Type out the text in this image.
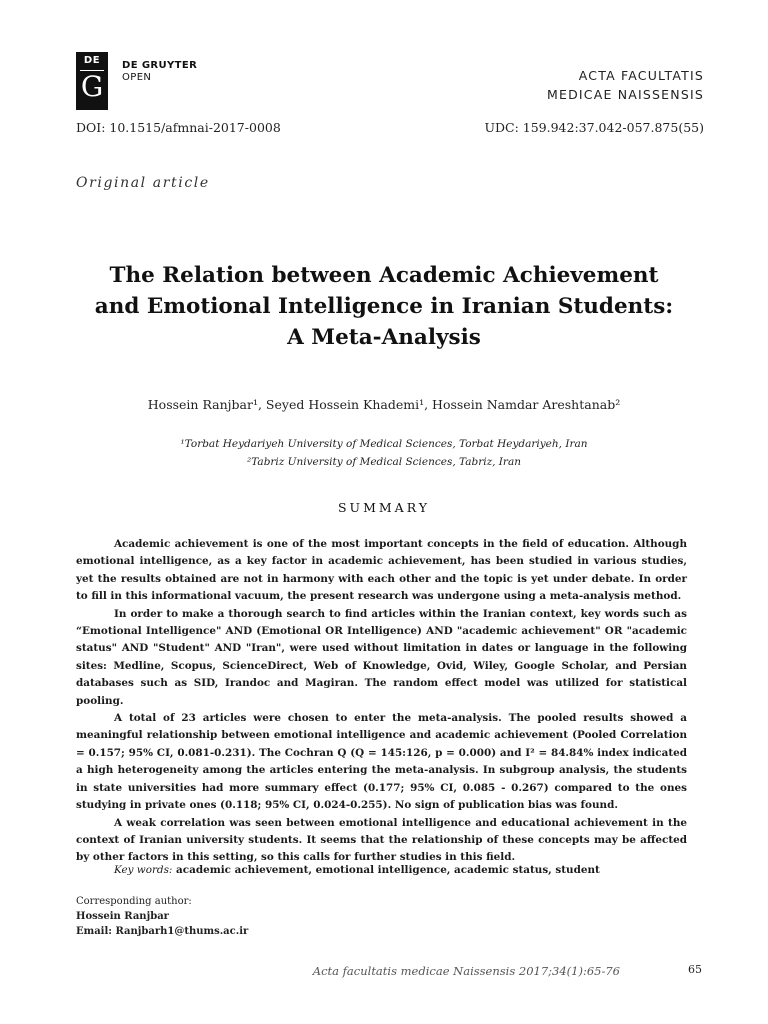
DE
G
DE GRUYTER
OPEN	ACTA FACULTATIS
MEDICAE NAISSENSIS
DOI: 10.1515/afmnai-2017-0008	UDC: 159.942:37.042-057.875(55)
Original article
The Relation between Academic Achievement
and Emotional Intelligence in Iranian Students:
A Meta-Analysis
Hossein Ranjbar¹, Seyed Hossein Khademi¹, Hossein Namdar Areshtanab²
¹Torbat Heydariyeh University of Medical Sciences, Torbat Heydariyeh, Iran
²Tabriz University of Medical Sciences, Tabriz, Iran
SUMMARY

Academic achievement is one of the most important concepts in the field of education. Although emotional intelligence, as a key factor in academic achievement, has been studied in various studies, yet the results obtained are not in harmony with each other and the topic is yet under debate. In order to fill in this informational vacuum, the present research was undergone using a meta-analysis method.

In order to make a thorough search to find articles within the Iranian context, key words such as “Emotional Intelligence" AND (Emotional OR Intelligence) AND "academic achievement" OR "academic status" AND "Student" AND "Iran", were used without limitation in dates or language in the following sites: Medline, Scopus, ScienceDirect, Web of Knowledge, Ovid, Wiley, Google Scholar, and Persian databases such as SID, Irandoc and Magiran. The random effect model was utilized for statistical pooling.

A total of 23 articles were chosen to enter the meta-analysis. The pooled results showed a meaningful relationship between emotional intelligence and academic achievement (Pooled Correlation = 0.157; 95% CI, 0.081-0.231). The Cochran Q (Q = 145:126, p = 0.000) and I² = 84.84% index indicated a high heterogeneity among the articles entering the meta-analysis. In subgroup analysis, the students in state universities had more summary effect (0.177; 95% CI, 0.085 - 0.267) compared to the ones studying in private ones (0.118; 95% CI, 0.024-0.255). No sign of publication bias was found.

A weak correlation was seen between emotional intelligence and educational achievement in the context of Iranian university students. It seems that the relationship of these concepts may be affected by other factors in this setting, so this calls for further studies in this field.

Key words: academic achievement, emotional intelligence, academic status, student
Corresponding author:
Hossein Ranjbar
Email: Ranjbarh1@thums.ac.ir
Acta facultatis medicae Naissensis 2017;34(1):65-76	65
